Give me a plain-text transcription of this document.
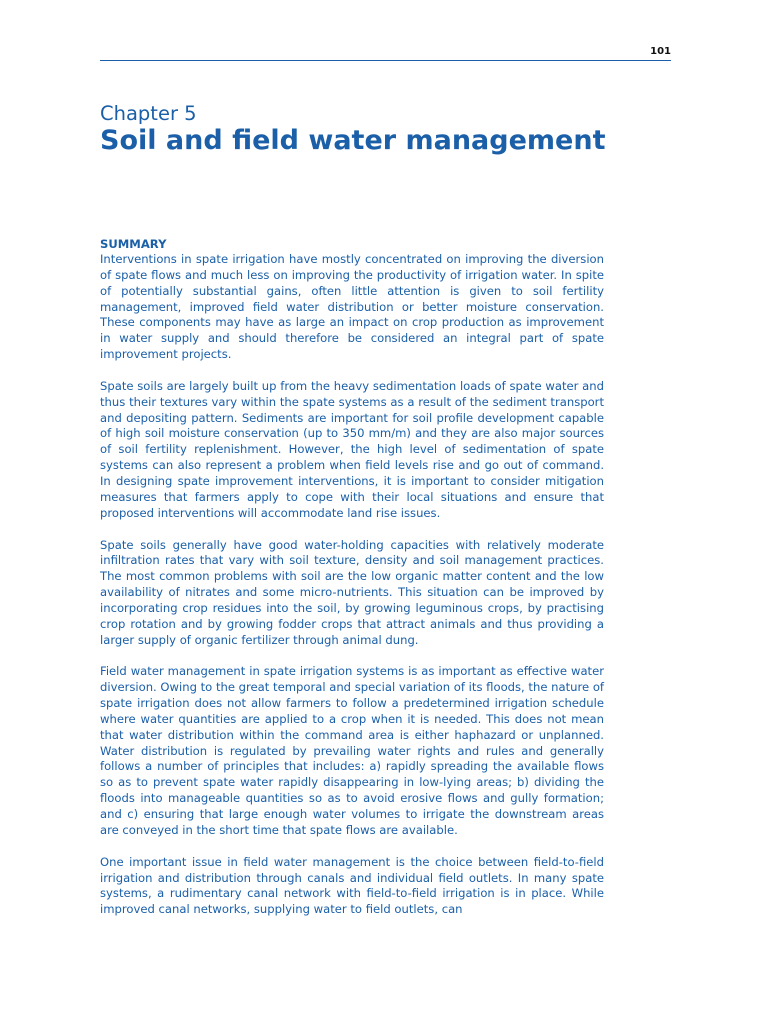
101
Chapter 5
Soil and field water management
SUMMARY

Interventions in spate irrigation have mostly concentrated on improving the diversion of spate flows and much less on improving the productivity of irrigation water. In spite of potentially substantial gains, often little attention is given to soil fertility management, improved field water distribution or better moisture conservation. These components may have as large an impact on crop production as improvement in water supply and should therefore be considered an integral part of spate improvement projects.

Spate soils are largely built up from the heavy sedimentation loads of spate water and thus their textures vary within the spate systems as a result of the sediment transport and depositing pattern. Sediments are important for soil profile development capable of high soil moisture conservation (up to 350 mm/m) and they are also major sources of soil fertility replenishment. However, the high level of sedimentation of spate systems can also represent a problem when field levels rise and go out of command. In designing spate improvement interventions, it is important to consider mitigation measures that farmers apply to cope with their local situations and ensure that proposed interventions will accommodate land rise issues.

Spate soils generally have good water-holding capacities with relatively moderate infiltration rates that vary with soil texture, density and soil management practices. The most common problems with soil are the low organic matter content and the low availability of nitrates and some micro-nutrients. This situation can be improved by incorporating crop residues into the soil, by growing leguminous crops, by practising crop rotation and by growing fodder crops that attract animals and thus providing a larger supply of organic fertilizer through animal dung.

Field water management in spate irrigation systems is as important as effective water diversion. Owing to the great temporal and special variation of its floods, the nature of spate irrigation does not allow farmers to follow a predetermined irrigation schedule where water quantities are applied to a crop when it is needed. This does not mean that water distribution within the command area is either haphazard or unplanned. Water distribution is regulated by prevailing water rights and rules and generally follows a number of principles that includes: a) rapidly spreading the available flows so as to prevent spate water rapidly disappearing in low-lying areas; b) dividing the floods into manageable quantities so as to avoid erosive flows and gully formation; and c) ensuring that large enough water volumes to irrigate the downstream areas are conveyed in the short time that spate flows are available.

One important issue in field water management is the choice between field-to-field irrigation and distribution through canals and individual field outlets. In many spate systems, a rudimentary canal network with field-to-field irrigation is in place. While improved canal networks, supplying water to field outlets, can
